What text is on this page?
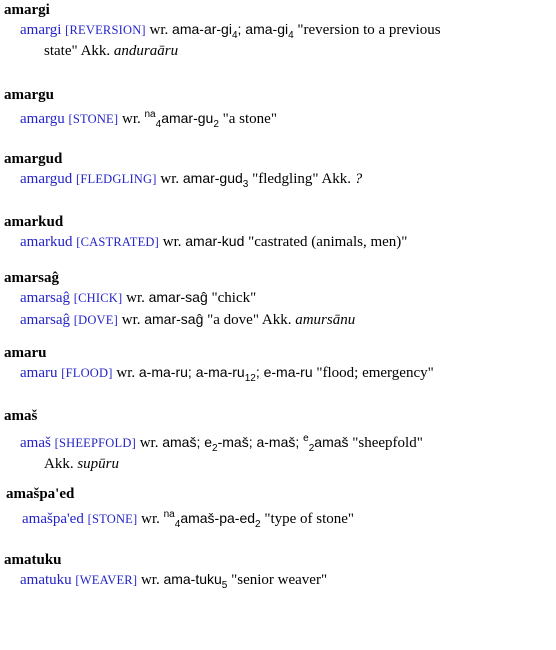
amargi

amargi [REVERSION] wr. ama-$ar-gi_4$; ama-$gi_4$ "reversion to a previous

state" Akk. anduraāru

amargu

amargu [STONE] wr. $^{na}_4amar-gu_2$ "a stone"

amargud

amargud [FLEDGLING] wr. amar-gud$_3$ "fledgling" Akk. ?

amarkud

amarkud [CASTRATED] wr. amar-kud "castrated (animals, men)"

amarsaĝ

amarsaĝ [CHICK] wr. amar-saĝ "chick"

amarsaĝ [DOVE] wr. amar-saĝ "a dove" Akk. amursānu

amaru

amaru [FLOOD] wr. a-ma-ru; $a-ma-ru_{12}$; e-ma-ru "flood; emergency"

amaš

amaš [SHEEPFOLD] wr. amaš; $e_2$-maš; a-maš; $^e_2$amaš "sheepfold"

Akk. supūru

amašpa'ed

amašpa'ed [STONE] wr. $^{na}_4amaš-pa-ed_2$ "type of stone"

amatuku

amatuku [WEAVER] wr. ama-tuku$_5$ "senior weaver"
